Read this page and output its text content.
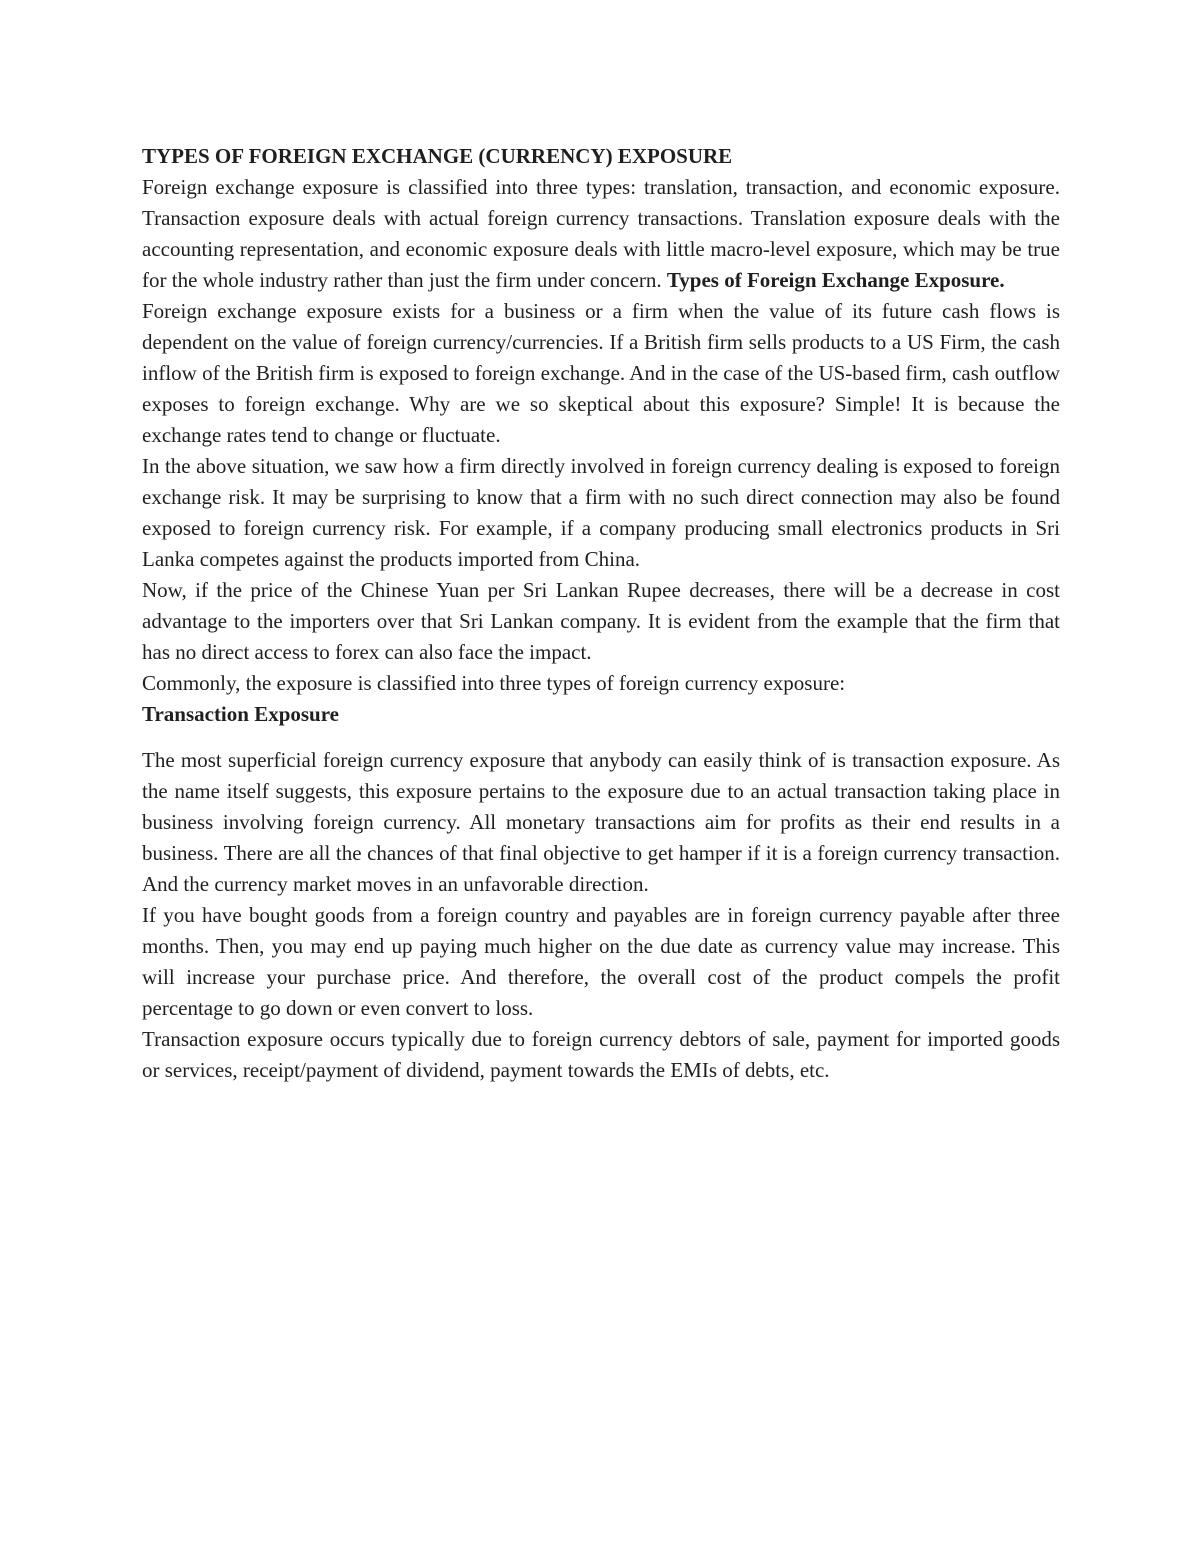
TYPES OF FOREIGN EXCHANGE (CURRENCY) EXPOSURE

Foreign exchange exposure is classified into three types: translation, transaction, and economic exposure. Transaction exposure deals with actual foreign currency transactions. Translation exposure deals with the accounting representation, and economic exposure deals with little macro-level exposure, which may be true for the whole industry rather than just the firm under concern. Types of Foreign Exchange Exposure.

Foreign exchange exposure exists for a business or a firm when the value of its future cash flows is dependent on the value of foreign currency/currencies. If a British firm sells products to a US Firm, the cash inflow of the British firm is exposed to foreign exchange. And in the case of the US-based firm, cash outflow exposes to foreign exchange. Why are we so skeptical about this exposure? Simple! It is because the exchange rates tend to change or fluctuate.

In the above situation, we saw how a firm directly involved in foreign currency dealing is exposed to foreign exchange risk. It may be surprising to know that a firm with no such direct connection may also be found exposed to foreign currency risk. For example, if a company producing small electronics products in Sri Lanka competes against the products imported from China.

Now, if the price of the Chinese Yuan per Sri Lankan Rupee decreases, there will be a decrease in cost advantage to the importers over that Sri Lankan company. It is evident from the example that the firm that has no direct access to forex can also face the impact.

Commonly, the exposure is classified into three types of foreign currency exposure:

Transaction Exposure

The most superficial foreign currency exposure that anybody can easily think of is transaction exposure. As the name itself suggests, this exposure pertains to the exposure due to an actual transaction taking place in business involving foreign currency. All monetary transactions aim for profits as their end results in a business. There are all the chances of that final objective to get hamper if it is a foreign currency transaction. And the currency market moves in an unfavorable direction.

If you have bought goods from a foreign country and payables are in foreign currency payable after three months. Then, you may end up paying much higher on the due date as currency value may increase. This will increase your purchase price. And therefore, the overall cost of the product compels the profit percentage to go down or even convert to loss.

Transaction exposure occurs typically due to foreign currency debtors of sale, payment for imported goods or services, receipt/payment of dividend, payment towards the EMIs of debts, etc.
